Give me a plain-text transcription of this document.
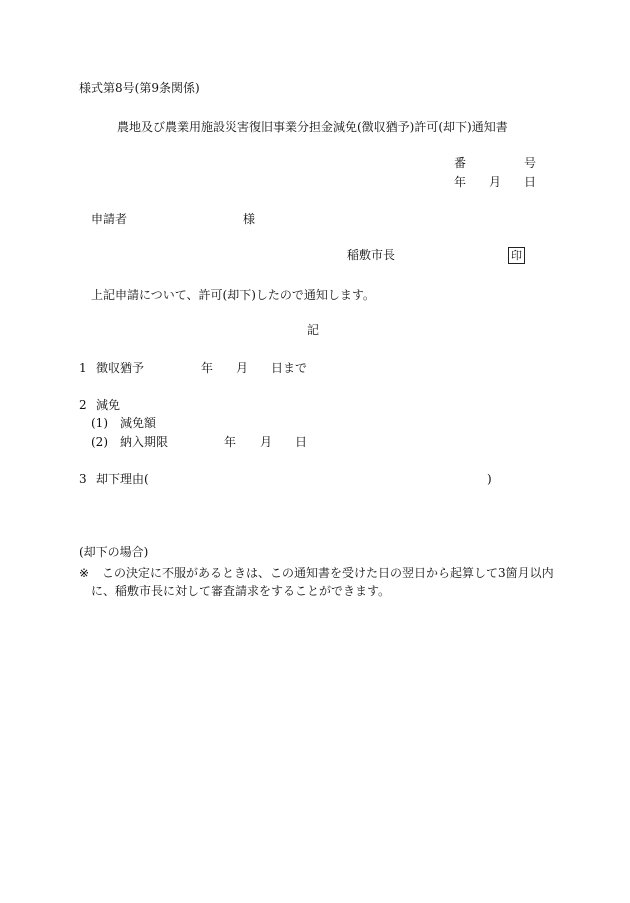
様式第8号(第9条関係)
農地及び農業用施設災害復旧事業分担金減免(徴収猶予)許可(却下)通知書
番	号
年 月 日
申請者	様
稲敷市長	印
上記申請について、許可(却下)したので通知します。
記
1 徴収猶予	年 月 日まで
2 減免
(1) 減免額
(2) 納入期限	年 月 日
3 却下理由 (	)
(却下の場合)
※ この決定に不服があるときは、この通知書を受けた日の翌日から起算して3箇月以内
に、稲敷市長に対して審査請求をすることができます。
